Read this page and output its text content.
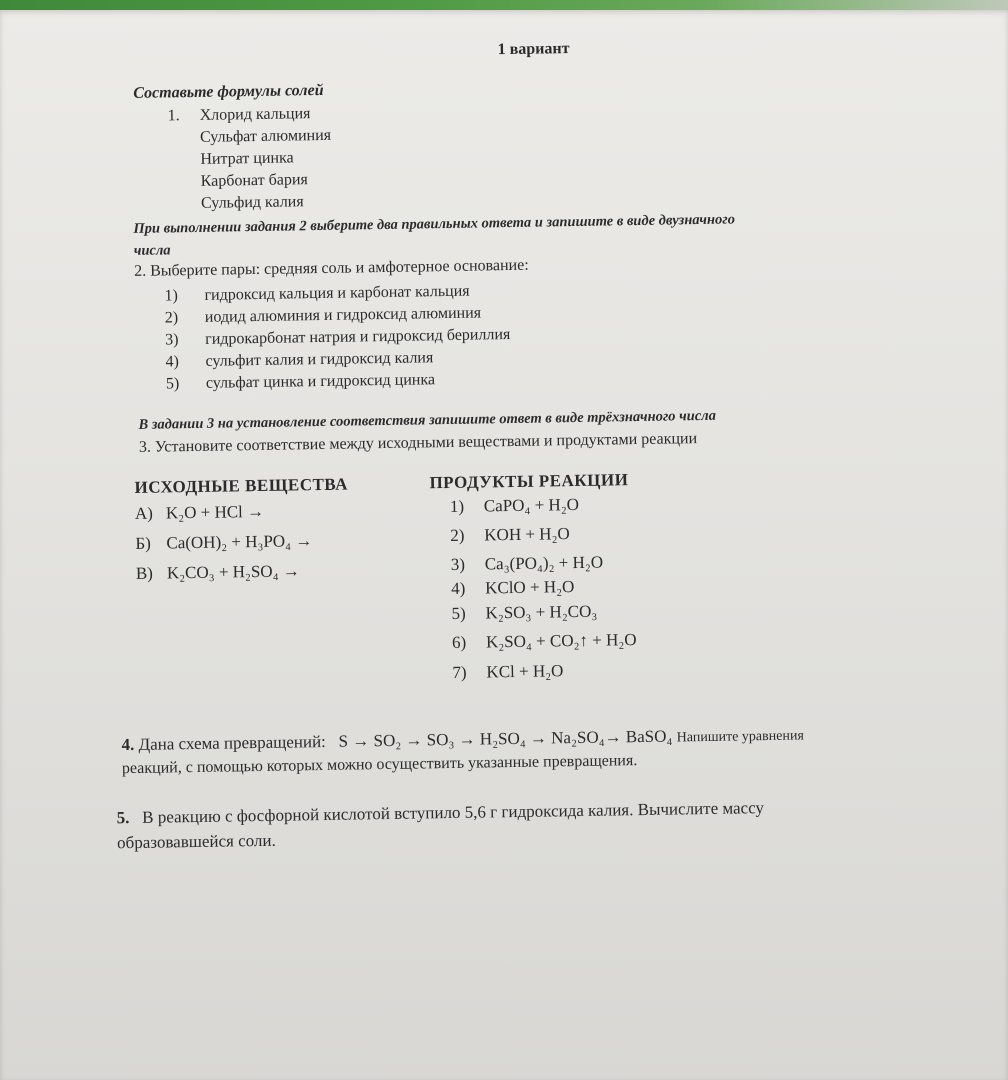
1 вариант
Составьте формулы солей
1. Хлорид кальция
Сульфат алюминия
Нитрат цинка
Карбонат бария
Сульфид калия
При выполнении задания 2 выберите два правильных ответа и запишите в виде двузначного
числа
2. Выберите пары: средняя соль и амфотерное основание:
1) гидроксид кальция и карбонат кальция
2) иодид алюминия и гидроксид алюминия
3) гидрокарбонат натрия и гидроксид бериллия
4) сульфит калия и гидроксид калия
5) сульфат цинка и гидроксид цинка
В задании 3 на установление соответствия запишите ответ в виде трёхзначного числа
3. Установите соответствие между исходными веществами и продуктами реакции
ИСХОДНЫЕ ВЕЩЕСТВА	ПРОДУКТЫ РЕАКЦИИ
А) K₂O + HCl →
Б) Ca(OH)₂ + H₃PO₄ →
В) K₂CO₃ + H₂SO₄ →
1) CaPO₄ + H₂O
2) KOH + H₂O
3) Ca₃(PO₄)₂ + H₂O
4) KClO + H₂O
5) K₂SO₃ + H₂CO₃
6) K₂SO₄ + CO₂↑ + H₂O
7) KCl + H₂O
4. Дана схема превращений: S → SO₂ → SO₃ → H₂SO₄ → Na₂SO₄→ BaSO₄ Напишите уравнения
реакций, с помощью которых можно осуществить указанные превращения.
5. В реакцию с фосфорной кислотой вступило 5,6 г гидроксида калия. Вычислите массу
образовавшейся соли.
